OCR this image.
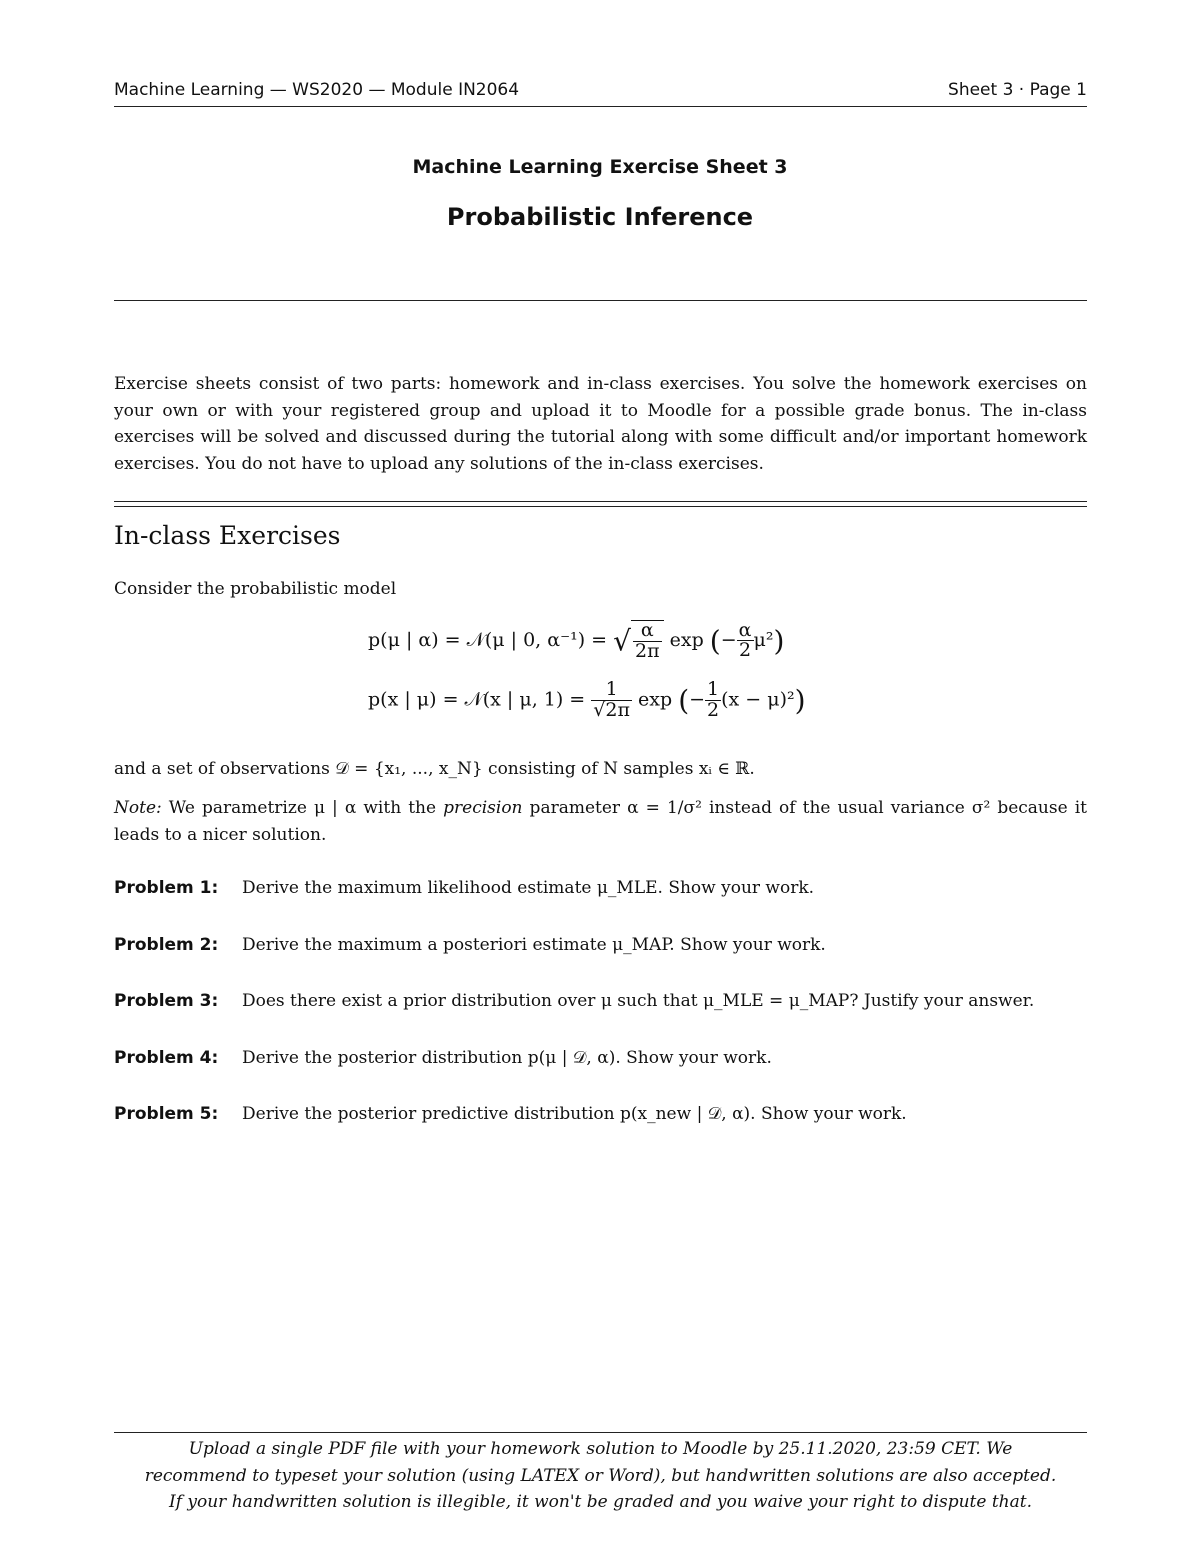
Machine Learning — WS2020 — Module IN2064	Sheet 3 · Page 1
Machine Learning Exercise Sheet 3
Probabilistic Inference
Exercise sheets consist of two parts: homework and in-class exercises. You solve the homework exercises on your own or with your registered group and upload it to Moodle for a possible grade bonus. The in-class exercises will be solved and discussed during the tutorial along with some difficult and/or important homework exercises. You do not have to upload any solutions of the in-class exercises.
In-class Exercises
Consider the probabilistic model
p(μ | α) = 𝒩(μ | 0, α⁻¹) = √ $\frac{\alpha}{2\pi}$ exp (− $\frac{\alpha}{2} \mu^2$)
p(x | μ) = 𝒩(x | μ, $1) = \frac{1}{√2\pi}$ exp (− $\frac{1}{2} (x - \mu)^2$)
and a set of observations 𝒟 = {x₁, ..., x_N} consisting of N samples xᵢ ∈ ℝ.
Note: We parametrize μ | α with the precision parameter α = 1/σ² instead of the usual variance σ² because it leads to a nicer solution.
Problem 1: Derive the maximum likelihood estimate μ_MLE. Show your work.
Problem 2: Derive the maximum a posteriori estimate μ_MAP. Show your work.
Problem 3: Does there exist a prior distribution over μ such that μ_MLE = μ_MAP? Justify your answer.
Problem 4: Derive the posterior distribution p(μ | 𝒟, α). Show your work.
Problem 5: Derive the posterior predictive distribution p(x_new | 𝒟, α). Show your work.
Upload a single PDF file with your homework solution to Moodle by 25.11.2020, 23:59 CET. We
recommend to typeset your solution (using LATEX or Word), but handwritten solutions are also accepted.
If your handwritten solution is illegible, it won't be graded and you waive your right to dispute that.
